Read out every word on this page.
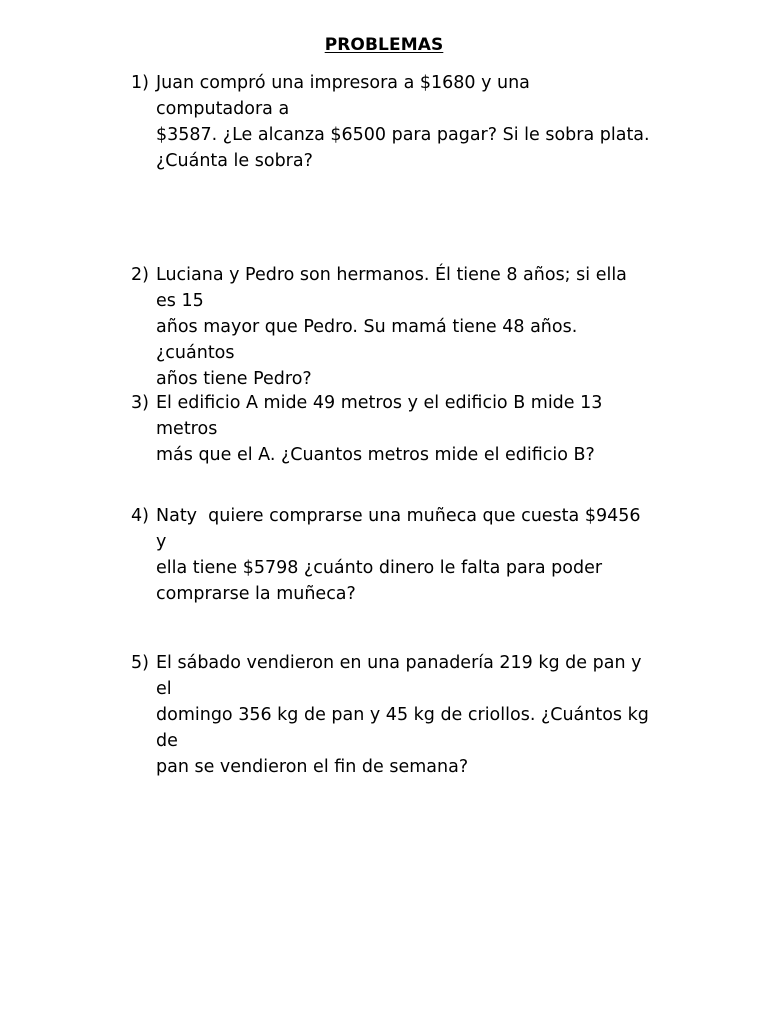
PROBLEMAS
1) Juan compró una impresora a $1680 y una computadora a
$3587. ¿Le alcanza $6500 para pagar? Si le sobra plata.
¿Cuánta le sobra?
2) Luciana y Pedro son hermanos. Él tiene 8 años; si ella es 15
años mayor que Pedro. Su mamá tiene 48 años. ¿cuántos
años tiene Pedro?
3) El edificio A mide 49 metros y el edificio B mide 13 metros
más que el A. ¿Cuantos metros mide el edificio B?
4) Naty  quiere comprarse una muñeca que cuesta $9456 y
ella tiene $5798 ¿cuánto dinero le falta para poder
comprarse la muñeca?
5) El sábado vendieron en una panadería 219 kg de pan y el
domingo 356 kg de pan y 45 kg de criollos. ¿Cuántos kg de
pan se vendieron el fin de semana?
